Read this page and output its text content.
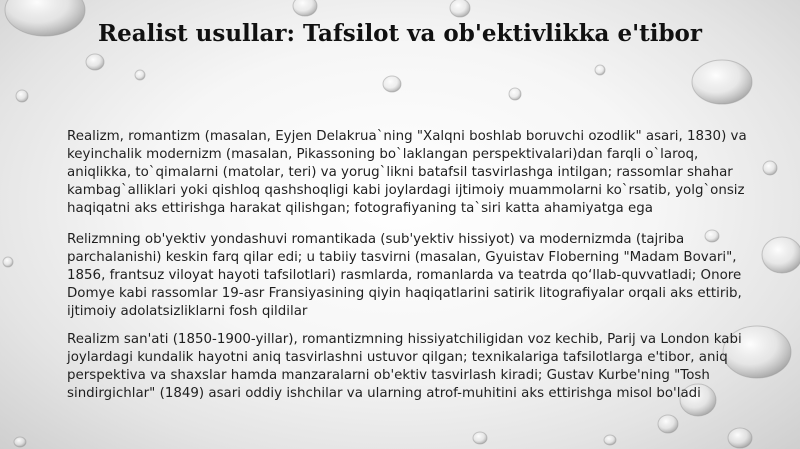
Realist usullar: Tafsilot va ob'ektivlikka e'tibor

Realizm, romantizm (masalan, Eyjen Delakrua`ning "Xalqni boshlab boruvchi ozodlik" asari, 1830) va keyinchalik modernizm (masalan, Pikassoning bo`laklangan perspektivalari)dan farqli o`laroq, aniqlikka, to`qimalarni (matolar, teri) va yorug`likni batafsil tasvirlashga intilgan; rassomlar shahar kambag`alliklari yoki qishloq qashshoqligi kabi joylardagi ijtimoiy muammolarni ko`rsatib, yolg`onsiz haqiqatni aks ettirishga harakat qilishgan; fotografiyaning ta`siri katta ahamiyatga ega

Relizmning ob'yektiv yondashuvi romantikada (sub'yektiv hissiyot) va modernizmda (tajriba parchalanishi) keskin farq qilar edi; u tabiiy tasvirni (masalan, Gyuistav Floberning "Madam Bovari", 1856, frantsuz viloyat hayoti tafsilotlari) rasmlarda, romanlarda va teatrda qo‘llab-quvvatladi; Onore Domye kabi rassomlar 19-asr Fransiyasining qiyin haqiqatlarini satirik litografiyalar orqali aks ettirib, ijtimoiy adolatsizliklarni fosh qildilar

Realizm san'ati (1850-1900-yillar), romantizmning hissiyatchiligidan voz kechib, Parij va London kabi joylardagi kundalik hayotni aniq tasvirlashni ustuvor qilgan; texnikalariga tafsilotlarga e'tibor, aniq perspektiva va shaxslar hamda manzaralarni ob'ektiv tasvirlash kiradi; Gustav Kurbe'ning "Tosh sindirgichlar" (1849) asari oddiy ishchilar va ularning atrof-muhitini aks ettirishga misol bo'ladi
